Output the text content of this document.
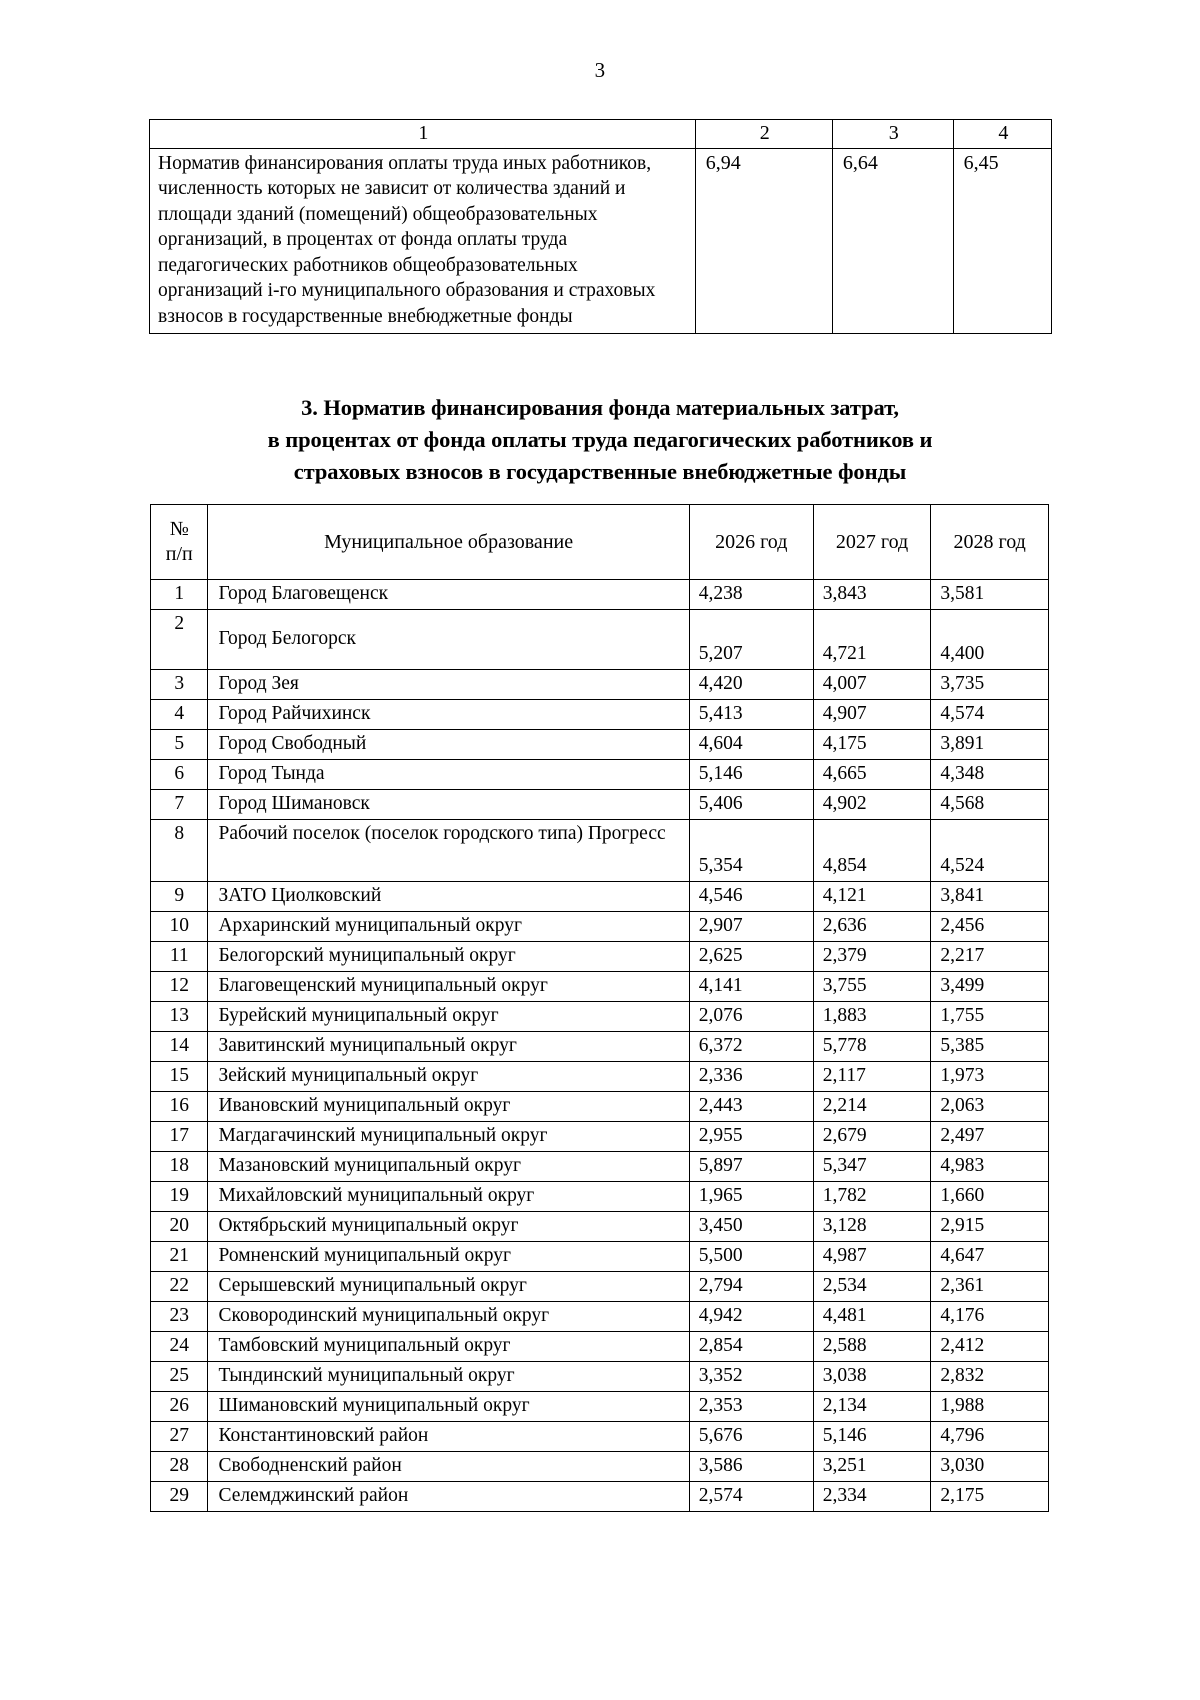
3
1	2	3	4
Норматив финансирования оплаты труда иных работников, численность которых не зависит от количества зданий и площади зданий (помещений) общеобразовательных организаций, в процентах от фонда оплаты труда педагогических работников общеобразовательных организаций i-го муниципального образования и страховых взносов в государственные внебюджетные фонды	6,94	6,64	6,45
3. Норматив финансирования фонда материальных затрат,
в процентах от фонда оплаты труда педагогических работников и
страховых взносов в государственные внебюджетные фонды
№
п/п	Муниципальное образование	2026 год	2027 год	2028 год
1	Город Благовещенск	4,238	3,843	3,581
2	Город Белогорск	5,207	4,721	4,400
3	Город Зея	4,420	4,007	3,735
4	Город Райчихинск	5,413	4,907	4,574
5	Город Свободный	4,604	4,175	3,891
6	Город Тында	5,146	4,665	4,348
7	Город Шимановск	5,406	4,902	4,568
8	Рабочий поселок (поселок городского типа) Прогресс	5,354	4,854	4,524
9	ЗАТО Циолковский	4,546	4,121	3,841
10	Архаринский муниципальный округ	2,907	2,636	2,456
11	Белогорский муниципальный округ	2,625	2,379	2,217
12	Благовещенский муниципальный округ	4,141	3,755	3,499
13	Бурейский муниципальный округ	2,076	1,883	1,755
14	Завитинский муниципальный округ	6,372	5,778	5,385
15	Зейский муниципальный округ	2,336	2,117	1,973
16	Ивановский муниципальный округ	2,443	2,214	2,063
17	Магдагачинский муниципальный округ	2,955	2,679	2,497
18	Мазановский муниципальный округ	5,897	5,347	4,983
19	Михайловский муниципальный округ	1,965	1,782	1,660
20	Октябрьский муниципальный округ	3,450	3,128	2,915
21	Ромненский муниципальный округ	5,500	4,987	4,647
22	Серышевский муниципальный округ	2,794	2,534	2,361
23	Сковородинский муниципальный округ	4,942	4,481	4,176
24	Тамбовский муниципальный округ	2,854	2,588	2,412
25	Тындинский муниципальный округ	3,352	3,038	2,832
26	Шимановский муниципальный округ	2,353	2,134	1,988
27	Константиновский район	5,676	5,146	4,796
28	Свободненский район	3,586	3,251	3,030
29	Селемджинский район	2,574	2,334	2,175
